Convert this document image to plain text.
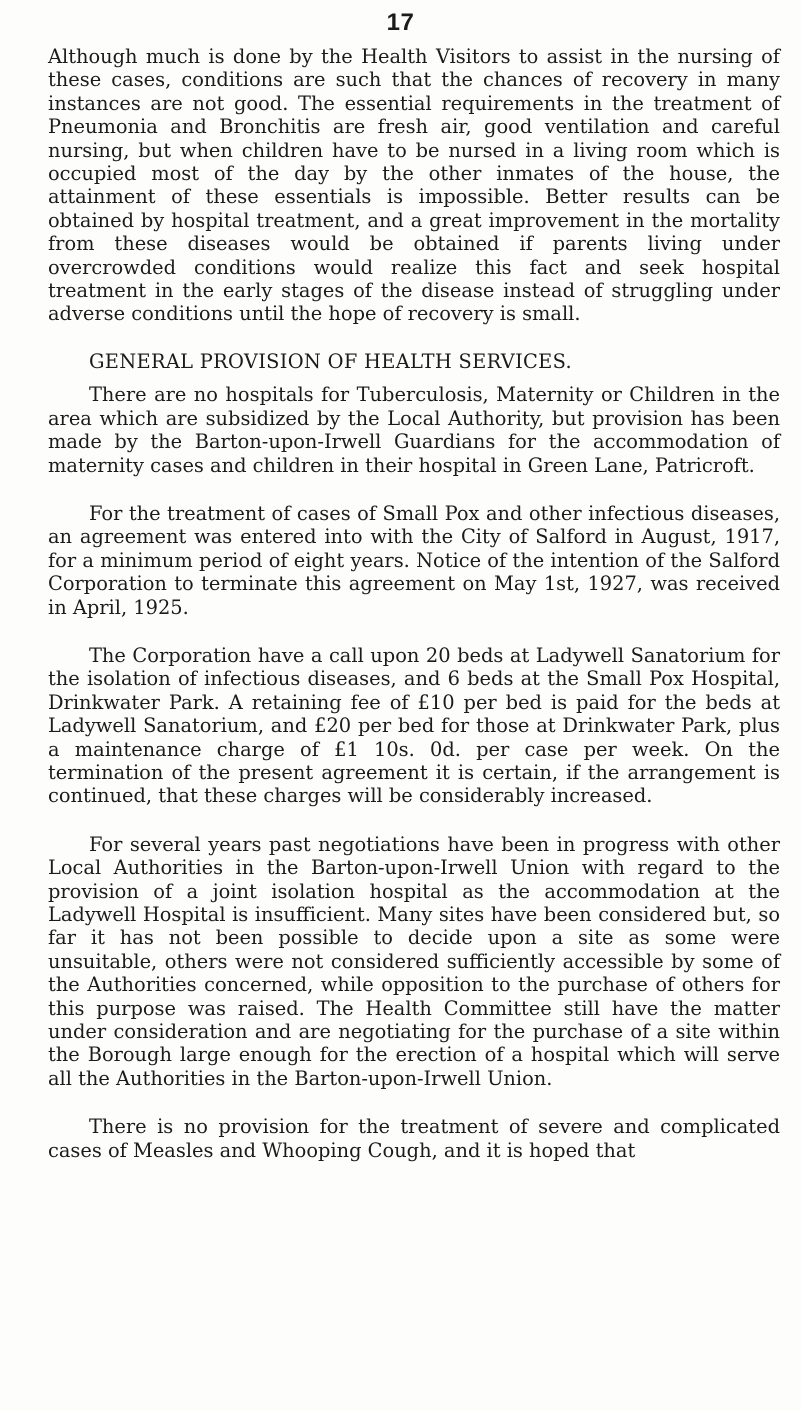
17

Although much is done by the Health Visitors to assist in the nursing of these cases, conditions are such that the chances of recovery in many instances are not good. The essential requirements in the treatment of Pneumonia and Bronchitis are fresh air, good ventilation and careful nursing, but when children have to be nursed in a living room which is occupied most of the day by the other inmates of the house, the attainment of these essentials is impossible. Better results can be obtained by hospital treatment, and a great improvement in the mortality from these diseases would be obtained if parents living under overcrowded conditions would realize this fact and seek hospital treatment in the early stages of the disease instead of struggling under adverse conditions until the hope of recovery is small.

GENERAL PROVISION OF HEALTH SERVICES.

There are no hospitals for Tuberculosis, Maternity or Children in the area which are subsidized by the Local Authority, but provision has been made by the Barton-upon-Irwell Guardians for the accommodation of maternity cases and children in their hospital in Green Lane, Patricroft.

For the treatment of cases of Small Pox and other infectious diseases, an agreement was entered into with the City of Salford in August, 1917, for a minimum period of eight years. Notice of the intention of the Salford Corporation to terminate this agreement on May 1st, 1927, was received in April, 1925.

The Corporation have a call upon 20 beds at Ladywell Sanatorium for the isolation of infectious diseases, and 6 beds at the Small Pox Hospital, Drinkwater Park. A retaining fee of £10 per bed is paid for the beds at Ladywell Sanatorium, and £20 per bed for those at Drinkwater Park, plus a maintenance charge of £1 10s. 0d. per case per week. On the termination of the present agreement it is certain, if the arrangement is continued, that these charges will be considerably increased.

For several years past negotiations have been in progress with other Local Authorities in the Barton-upon-Irwell Union with regard to the provision of a joint isolation hospital as the accommodation at the Ladywell Hospital is insufficient. Many sites have been considered but, so far it has not been possible to decide upon a site as some were unsuitable, others were not considered sufficiently accessible by some of the Authorities concerned, while opposition to the purchase of others for this purpose was raised. The Health Committee still have the matter under consideration and are negotiating for the purchase of a site within the Borough large enough for the erection of a hospital which will serve all the Authorities in the Barton-upon-Irwell Union.

There is no provision for the treatment of severe and complicated cases of Measles and Whooping Cough, and it is hoped that
